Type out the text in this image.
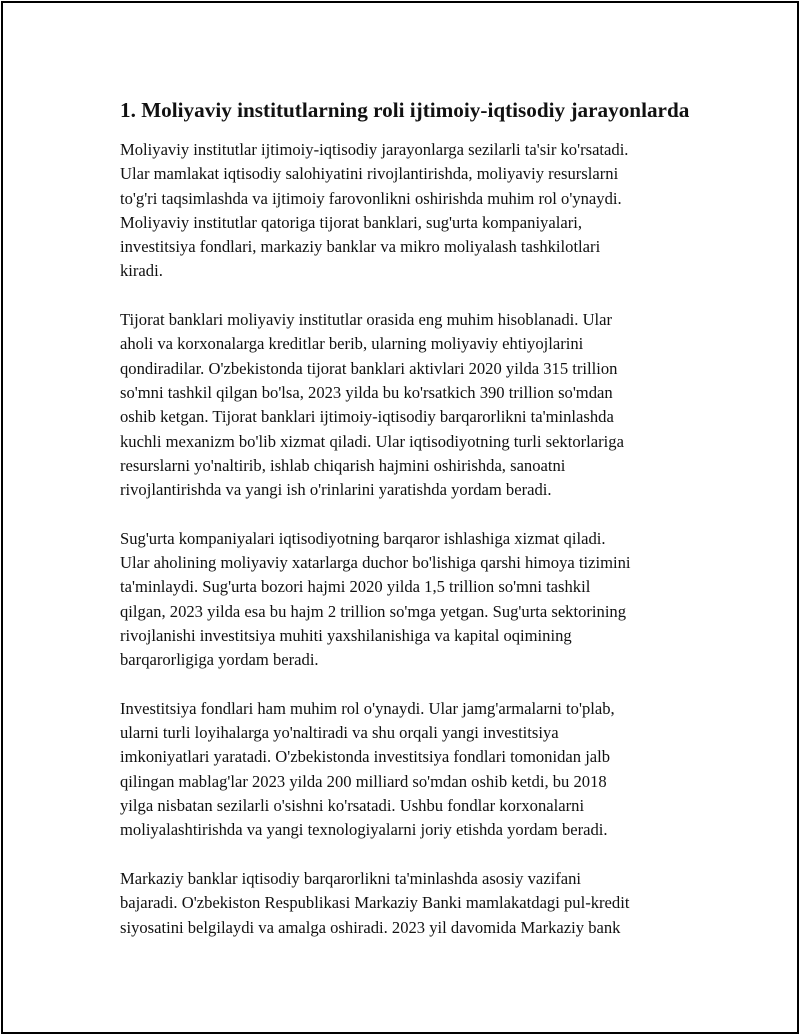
1. Moliyaviy institutlarning roli ijtimoiy-iqtisodiy jarayonlarda

Moliyaviy institutlar ijtimoiy-iqtisodiy jarayonlarga sezilarli ta'sir ko'rsatadi.
Ular mamlakat iqtisodiy salohiyatini rivojlantirishda, moliyaviy resurslarni
to'g'ri taqsimlashda va ijtimoiy farovonlikni oshirishda muhim rol o'ynaydi.
Moliyaviy institutlar qatoriga tijorat banklari, sug'urta kompaniyalari,
investitsiya fondlari, markaziy banklar va mikro moliyalash tashkilotlari
kiradi.

Tijorat banklari moliyaviy institutlar orasida eng muhim hisoblanadi. Ular
aholi va korxonalarga kreditlar berib, ularning moliyaviy ehtiyojlarini
qondiradilar. O'zbekistonda tijorat banklari aktivlari 2020 yilda 315 trillion
so'mni tashkil qilgan bo'lsa, 2023 yilda bu ko'rsatkich 390 trillion so'mdan
oshib ketgan. Tijorat banklari ijtimoiy-iqtisodiy barqarorlikni ta'minlashda
kuchli mexanizm bo'lib xizmat qiladi. Ular iqtisodiyotning turli sektorlariga
resurslarni yo'naltirib, ishlab chiqarish hajmini oshirishda, sanoatni
rivojlantirishda va yangi ish o'rinlarini yaratishda yordam beradi.

Sug'urta kompaniyalari iqtisodiyotning barqaror ishlashiga xizmat qiladi.
Ular aholining moliyaviy xatarlarga duchor bo'lishiga qarshi himoya tizimini
ta'minlaydi. Sug'urta bozori hajmi 2020 yilda 1,5 trillion so'mni tashkil
qilgan, 2023 yilda esa bu hajm 2 trillion so'mga yetgan. Sug'urta sektorining
rivojlanishi investitsiya muhiti yaxshilanishiga va kapital oqimining
barqarorligiga yordam beradi.

Investitsiya fondlari ham muhim rol o'ynaydi. Ular jamg'armalarni to'plab,
ularni turli loyihalarga yo'naltiradi va shu orqali yangi investitsiya
imkoniyatlari yaratadi. O'zbekistonda investitsiya fondlari tomonidan jalb
qilingan mablag'lar 2023 yilda 200 milliard so'mdan oshib ketdi, bu 2018
yilga nisbatan sezilarli o'sishni ko'rsatadi. Ushbu fondlar korxonalarni
moliyalashtirishda va yangi texnologiyalarni joriy etishda yordam beradi.

Markaziy banklar iqtisodiy barqarorlikni ta'minlashda asosiy vazifani
bajaradi. O'zbekiston Respublikasi Markaziy Banki mamlakatdagi pul-kredit
siyosatini belgilaydi va amalga oshiradi. 2023 yil davomida Markaziy bank
